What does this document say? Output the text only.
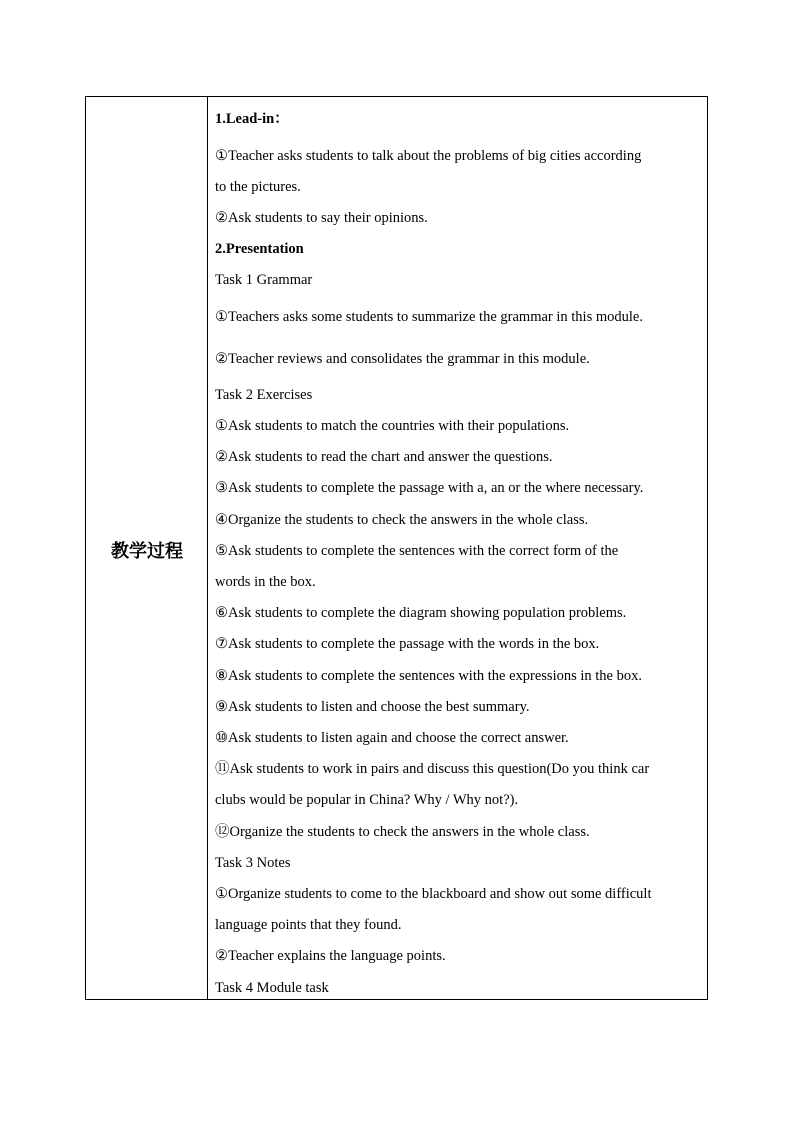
教学过程
1.Lead-in：
①Teacher asks students to talk about the problems of big cities according
to the pictures.
②Ask students to say their opinions.
2.Presentation
Task 1 Grammar
①Teachers asks some students to summarize the grammar in this module.
②Teacher reviews and consolidates the grammar in this module.
Task 2 Exercises
①Ask students to match the countries with their populations.
②Ask students to read the chart and answer the questions.
③Ask students to complete the passage with a, an or the where necessary.
④Organize the students to check the answers in the whole class.
⑤Ask students to complete the sentences with the correct form of the
words in the box.
⑥Ask students to complete the diagram showing population problems.
⑦Ask students to complete the passage with the words in the box.
⑧Ask students to complete the sentences with the expressions in the box.
⑨Ask students to listen and choose the best summary.
⑩Ask students to listen again and choose the correct answer.
⑪Ask students to work in pairs and discuss this question(Do you think car
clubs would be popular in China? Why / Why not?).
⑫Organize the students to check the answers in the whole class.
Task 3 Notes
①Organize students to come to the blackboard and show out some difficult
language points that they found.
②Teacher explains the language points.
Task 4 Module task
